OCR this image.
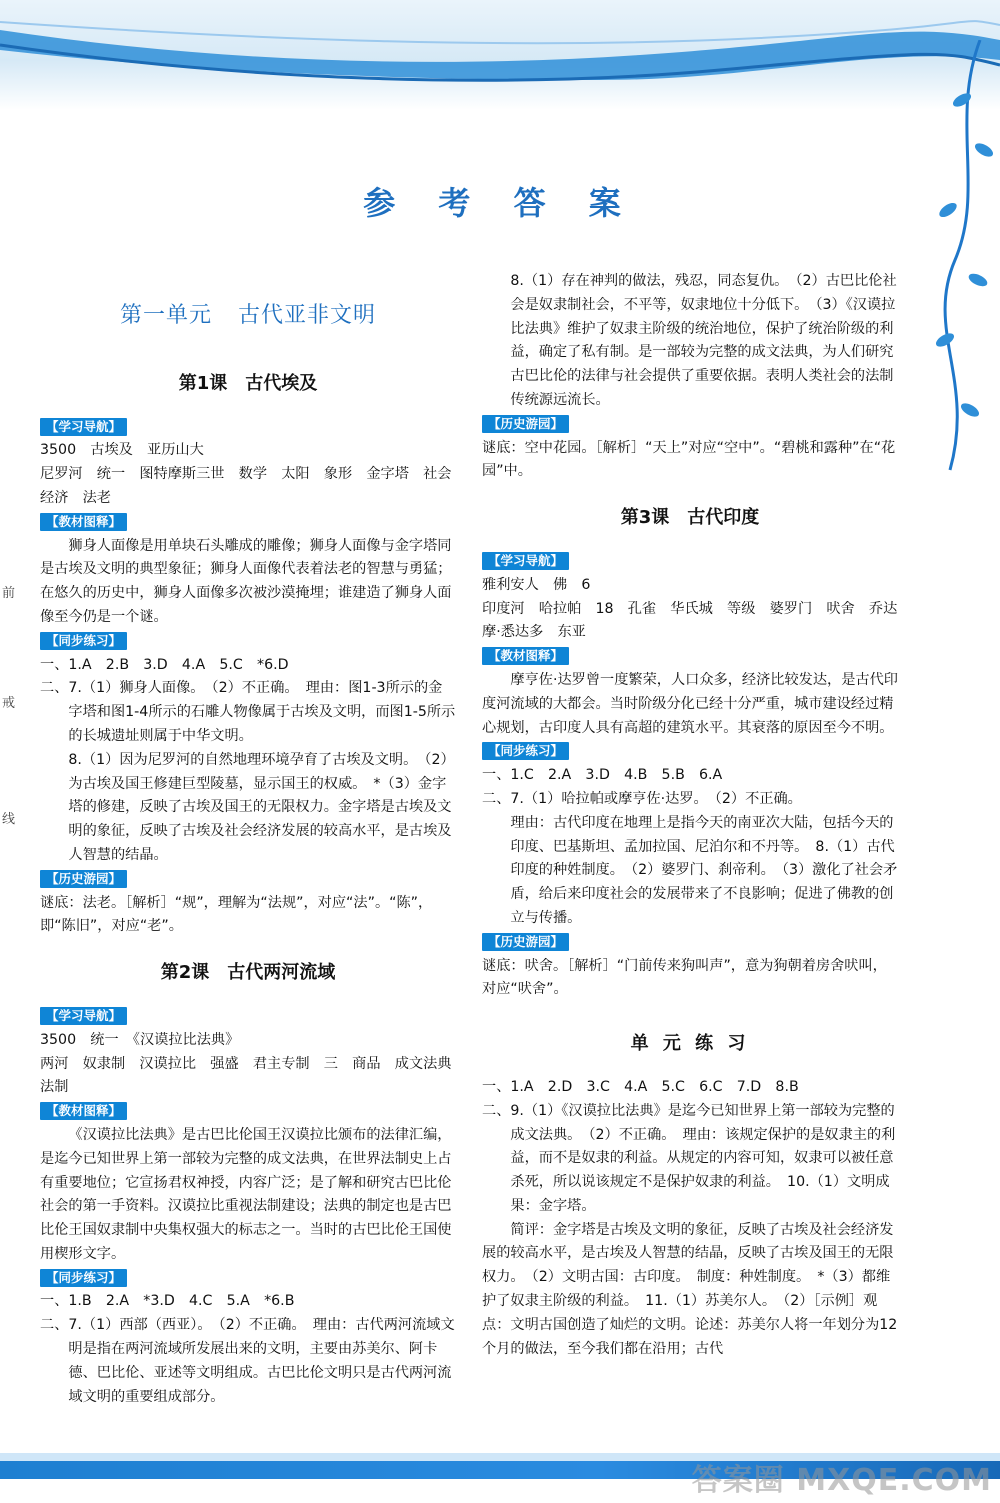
前
戒
线
参 考 答 案
第一单元 古代亚非文明
第1课 古代埃及
【学习导航】

3500　古埃及　亚历山大

尼罗河　统一　图特摩斯三世　数学　太阳　象形　金字塔　社会经济　法老

【教材图释】

狮身人面像是用单块石头雕成的雕像；狮身人面像与金字塔同是古埃及文明的典型象征；狮身人面像代表着法老的智慧与勇猛；在悠久的历史中，狮身人面像多次被沙漠掩埋；谁建造了狮身人面像至今仍是一个谜。

【同步练习】

一、1.A　2.B　3.D　4.A　5.C　*6.D

二、7.（1）狮身人面像。　（2）不正确。　理由：图1-3所示的金字塔和图1-4所示的石雕人物像属于古埃及文明，而图1-5所示的长城遗址则属于中华文明。

8.（1）因为尼罗河的自然地理环境孕育了古埃及文明。　（2）为古埃及国王修建巨型陵墓，显示国王的权威。　*（3）金字塔的修建，反映了古埃及国王的无限权力。金字塔是古埃及文明的象征，反映了古埃及社会经济发展的较高水平，是古埃及人智慧的结晶。

【历史游园】

谜底：法老。［解析］“规”，理解为“法规”，对应“法”。“陈”，即“陈旧”，对应“老”。

第2课 古代两河流域
【学习导航】

3500　统一　《汉谟拉比法典》

两河　奴隶制　汉谟拉比　强盛　君主专制　三　商品　成文法典　法制

【教材图释】

《汉谟拉比法典》是古巴比伦国王汉谟拉比颁布的法律汇编，是迄今已知世界上第一部较为完整的成文法典，在世界法制史上占有重要地位；它宣扬君权神授，内容广泛；是了解和研究古巴比伦社会的第一手资料。汉谟拉比重视法制建设；法典的制定也是古巴比伦王国奴隶制中央集权强大的标志之一。当时的古巴比伦王国使用楔形文字。

【同步练习】

一、1.B　2.A　*3.D　4.C　5.A　*6.B

二、7.（1）西部（西亚）。　（2）不正确。　理由：古代两河流域文明是指在两河流域所发展出来的文明，主要由苏美尔、阿卡德、巴比伦、亚述等文明组成。古巴比伦文明只是古代两河流域文明的重要组成部分。

8.（1）存在神判的做法，残忍，同态复仇。　（2）古巴比伦社会是奴隶制社会，不平等，奴隶地位十分低下。　（3）《汉谟拉比法典》维护了奴隶主阶级的统治地位，保护了统治阶级的利益，确定了私有制。是一部较为完整的成文法典，为人们研究古巴比伦的法律与社会提供了重要依据。表明人类社会的法制传统源远流长。

【历史游园】

谜底：空中花园。［解析］“天上”对应“空中”。“碧桃和露种”在“花园”中。

第3课 古代印度
【学习导航】

雅利安人　佛　6

印度河　哈拉帕　18　孔雀　华氏城　等级　婆罗门　吠舍　乔达摩·悉达多　东亚

【教材图释】

摩亨佐·达罗曾一度繁荣，人口众多，经济比较发达，是古代印度河流域的大都会。当时阶级分化已经十分严重，城市建设经过精心规划，古印度人具有高超的建筑水平。其衰落的原因至今不明。

【同步练习】

一、1.C　2.A　3.D　4.B　5.B　6.A

二、7.（1）哈拉帕或摩亨佐·达罗。　（2）不正确。

理由：古代印度在地理上是指今天的南亚次大陆，包括今天的印度、巴基斯坦、孟加拉国、尼泊尔和不丹等。　8.（1）古代印度的种姓制度。　（2）婆罗门、刹帝利。　（3）激化了社会矛盾，给后来印度社会的发展带来了不良影响；促进了佛教的创立与传播。

【历史游园】

谜底：吠舍。［解析］“门前传来狗叫声”，意为狗朝着房舍吠叫，对应“吠舍”。

单 元 练 习

一、1.A　2.D　3.C　4.A　5.C　6.C　7.D　8.B

二、9.（1）《汉谟拉比法典》是迄今已知世界上第一部较为完整的成文法典。　（2）不正确。　理由：该规定保护的是奴隶主的利益，而不是奴隶的利益。从规定的内容可知，奴隶可以被任意杀死，所以说该规定不是保护奴隶的利益。　10.（1）文明成果：金字塔。

简评：金字塔是古埃及文明的象征，反映了古埃及社会经济发展的较高水平，是古埃及人智慧的结晶，反映了古埃及国王的无限权力。　（2）文明古国：古印度。　制度：种姓制度。　*（3）都维护了奴隶主阶级的利益。　11.（1）苏美尔人。　（2）［示例］观点：文明古国创造了灿烂的文明。论述：苏美尔人将一年划分为12个月的做法，至今我们都在沿用；古代

答案圈 MXQE.COM
